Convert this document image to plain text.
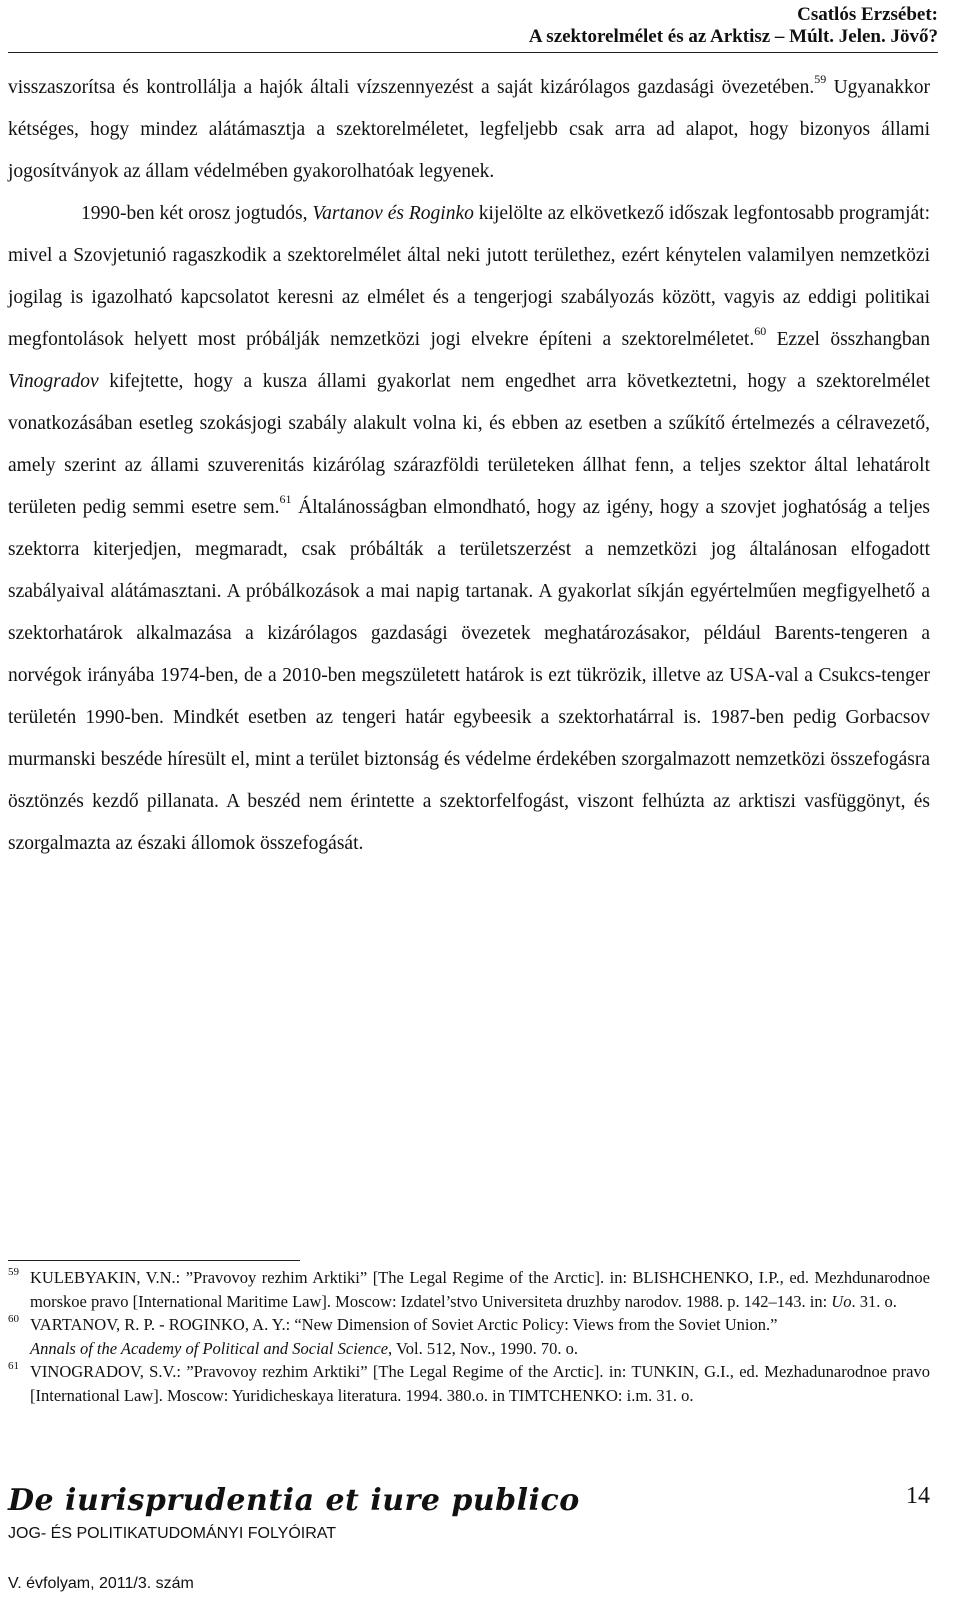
Csatlós Erzsébet:
A szektorelmélet és az Arktisz – Múlt. Jelen. Jövő?

visszaszorítsa és kontrollálja a hajók általi vízszennyezést a saját kizárólagos gazdasági övezetében.$^{59}$ Ugyanakkor kétséges, hogy mindez alátámasztja a szektorelméletet, legfeljebb csak arra ad alapot, hogy bizonyos állami jogosítványok az állam védelmében gyakorolhatóak legyenek.

1990-ben két orosz jogtudós, Vartanov és Roginko kijelölte az elkövetkező időszak legfontosabb programját: mivel a Szovjetunió ragaszkodik a szektorelmélet által neki jutott területhez, ezért kénytelen valamilyen nemzetközi jogilag is igazolható kapcsolatot keresni az elmélet és a tengerjogi szabályozás között, vagyis az eddigi politikai megfontolások helyett most próbálják nemzetközi jogi elvekre építeni a szektorelméletet.$^{60}$ Ezzel összhangban Vinogradov kifejtette, hogy a kusza állami gyakorlat nem engedhet arra következtetni, hogy a szektorelmélet vonatkozásában esetleg szokásjogi szabály alakult volna ki, és ebben az esetben a szűkítő értelmezés a célravezető, amely szerint az állami szuverenitás kizárólag szárazföldi területeken állhat fenn, a teljes szektor által lehatárolt területen pedig semmi esetre sem.$^{61}$ Általánosságban elmondható, hogy az igény, hogy a szovjet joghatóság a teljes szektorra kiterjedjen, megmaradt, csak próbálták a területszerzést a nemzetközi jog általánosan elfogadott szabályaival alátámasztani. A próbálkozások a mai napig tartanak. A gyakorlat síkján egyértelműen megfigyelhető a szektorhatárok alkalmazása a kizárólagos gazdasági övezetek meghatározásakor, például Barents-tengeren a norvégok irányába 1974-ben, de a 2010-ben megszületett határok is ezt tükrözik, illetve az USA-val a Csukcs-tenger területén 1990-ben. Mindkét esetben az tengeri határ egybeesik a szektorhatárral is. 1987-ben pedig Gorbacsov murmanski beszéde híresült el, mint a terület biztonság és védelme érdekében szorgalmazott nemzetközi összefogásra ösztönzés kezdő pillanata. A beszéd nem érintette a szektorfelfogást, viszont felhúzta az arktiszi vasfüggönyt, és szorgalmazta az északi állomok összefogását.

59 KULEBYAKIN, V.N.: ”Pravovoy rezhim Arktiki” [The Legal Regime of the Arctic]. in: BLISHCHENKO, I.P., ed. Mezhdunarodnoe morskoe pravo [International Maritime Law]. Moscow: Izdatel’stvo Universiteta druzhby narodov. 1988. p. 142–143. in: Uo. 31. o.
60 VARTANOV, R. P. - ROGINKO, A. Y.: “New Dimension of Soviet Arctic Policy: Views from the Soviet Union.” Annals of the Academy of Political and Social Science, Vol. 512, Nov., 1990. 70. o.
61 VINOGRADOV, S.V.: ”Pravovoy rezhim Arktiki” [The Legal Regime of the Arctic]. in: TUNKIN, G.I., ed. Mezhadunarodnoe pravo [International Law]. Moscow: Yuridicheskaya literatura. 1994. 380.o. in TIMTCHENKO: i.m. 31. o.
De iurisprudentia et iure publico
JOG- ÉS POLITIKATUDOMÁNYI FOLYÓIRAT
V. évfolyam, 2011/3. szám
14
